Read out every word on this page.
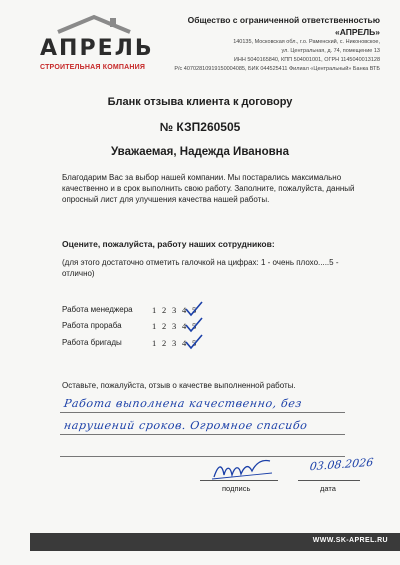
АПРЕЛЬ
СТРОИТЕЛЬНАЯ КОМПАНИЯ
Общество с ограниченной ответственностью «АПРЕЛЬ»
140135, Московская обл., г.о. Раменский, с. Никоновское,
ул. Центральная, д. 74, помещение 13
ИНН 5040165840, КПП 504001001, ОГРН 1145040013128
Р/с 40702810919150004085, БИК 044525411 Филиал «Центральный» Банка ВТБ
Бланк отзыва клиента к договору
№ КЗП260505
Уважаемая, Надежда Ивановна
Благодарим Вас за выбор нашей компании. Мы постарались максимально качественно и в срок выполнить свою работу. Заполните, пожалуйста, данный опросный лист для улучшения качества нашей работы.
Оцените, пожалуйста, работу наших сотрудников:
(для этого достаточно отметить галочкой на цифрах: 1 - очень плохо.....5 - отлично)
Работа менеджера 1 2 3 4 5
Работа прораба	1 2 3 4 5
Работа бригады	1 2 3 4 5
Оставьте, пожалуйста, отзыв о качестве выполненной работы.
Работа выполнена качественно, без
нарушений сроков. Огромное спасибо
03.08.2026
подпись	дата
WWW.SK-APREL.RU
